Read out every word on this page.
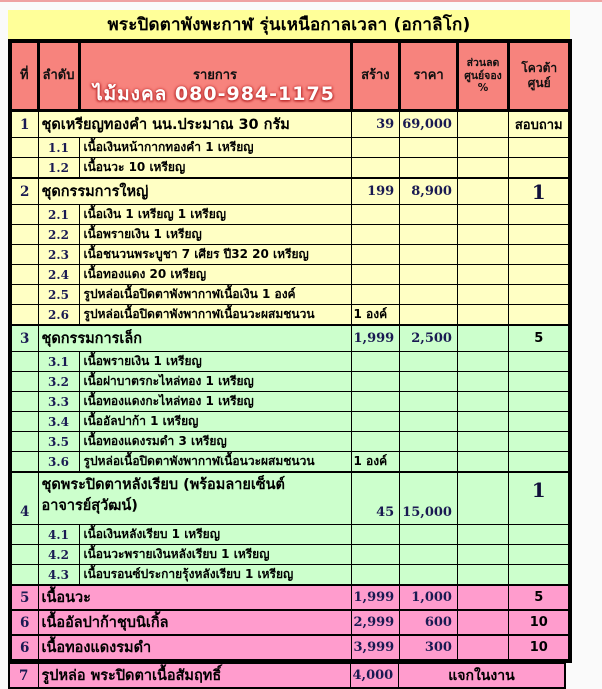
พระปิดตาพังพะกาฬ รุ่นเหนือกาลเวลา (อกาลิโก)
ที่	ลำดับ	รายการ	สร้าง	ราคา	ส่วนลด
ศูนย์จอง
%	โควต้า
ศูนย์

1	ชุดเหรียญทองคำ นน.ประมาณ 30 กรัม		39	69,000		สอบถาม
	1.1	เนื้อเงินหน้ากากทองคำ 1 เหรียญ				
	1.2	เนื้อนวะ 10 เหรียญ				
2	ชุดกรรมการใหญ่		199	8,900		1
	2.1	เนื้อเงิน 1 เหรียญ 1 เหรียญ				
	2.2	เนื้อพรายเงิน 1 เหรียญ				
	2.3	เนื้อชนวนพระบูชา 7 เศียร ปี32 20 เหรียญ				
	2.4	เนื้อทองแดง 20 เหรียญ				
	2.5	รูปหล่อเนื้อปิดตาพังพากาฬเนื้อเงิน 1 องค์				
	2.6	รูปหล่อเนื้อปิดตาพังพากาฬเนื้อนวะผสมชนวน	1 องค์			
3	ชุดกรรมการเล็ก		1,999	2,500		5
	3.1	เนื้อพรายเงิน 1 เหรียญ				
	3.2	เนื้อฝาบาตรกะไหล่ทอง 1 เหรียญ				
	3.3	เนื้อทองแดงกะไหล่ทอง 1 เหรียญ				
	3.4	เนื้ออัลปาก้า 1 เหรียญ				
	3.5	เนื้อทองแดงรมดำ 3 เหรียญ				
	3.6	รูปหล่อเนื้อปิดตาพังพากาฬเนื้อนวะผสมชนวน	1 องค์			
4	ชุดพระปิดตาหลังเรียบ (พร้อมลายเซ็นต์
อาจารย์สุวัฒน์)		45	15,000		1
	4.1	เนื้อเงินหลังเรียบ 1 เหรียญ				
	4.2	เนื้อนวะพรายเงินหลังเรียบ 1 เหรียญ				
	4.3	เนื้อบรอนซ์ประกายรุ้งหลังเรียบ 1 เหรียญ				
5	เนื้อนวะ		1,999	1,000		5
6	เนื้ออัลปาก้าชุบนิเกิ้ล		2,999	600		10
6	เนื้อทองแดงรมดำ		3,999	300		10
7	รูปหล่อ พระปิดตาเนื้อสัมฤทธิ์	4,000	แจกในงาน
ไม้มงคล 080-984-1175
